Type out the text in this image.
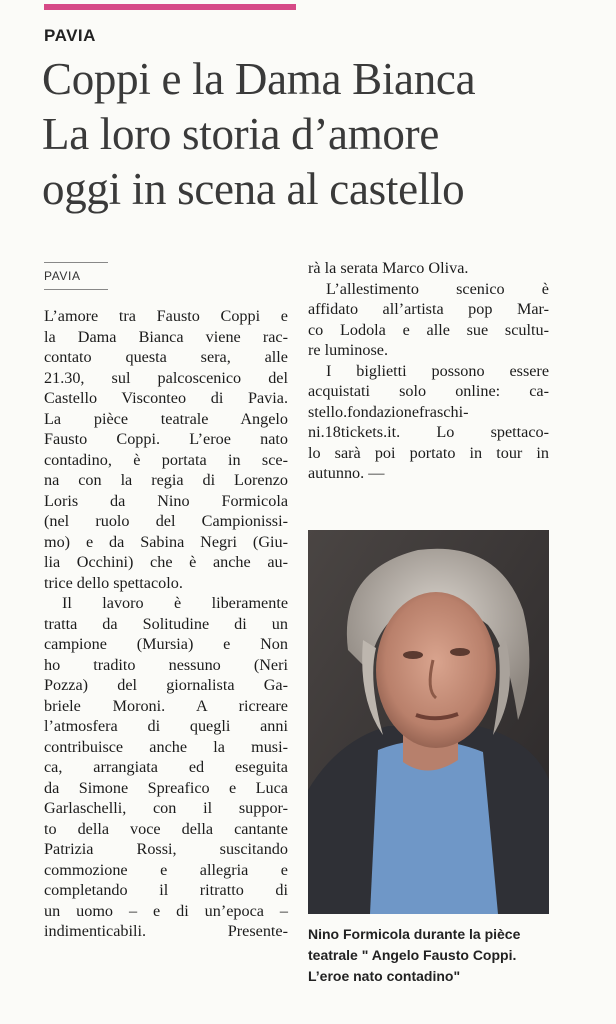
PAVIA
Coppi e la Dama Bianca
La loro storia d’amore
oggi in scena al castello
PAVIA
L’amore tra Fausto Coppi e
la Dama Bianca viene rac-
contato questa sera, alle
21.30, sul palcoscenico del
Castello Visconteo di Pavia.
La pièce teatrale Angelo
Fausto Coppi. L’eroe nato
contadino, è portata in sce-
na con la regia di Lorenzo
Loris da Nino Formicola
(nel ruolo del Campionissi-
mo) e da Sabina Negri (Giu-
lia Occhini) che è anche au-
trice dello spettacolo.
Il lavoro è liberamente
tratta da Solitudine di un
campione (Mursia) e Non
ho tradito nessuno (Neri
Pozza) del giornalista Ga-
briele Moroni. A ricreare
l’atmosfera di quegli anni
contribuisce anche la musi-
ca, arrangiata ed eseguita
da Simone Spreafico e Luca
Garlaschelli, con il suppor-
to della voce della cantante
Patrizia Rossi, suscitando
commozione e allegria e
completando il ritratto di
un uomo – e di un’epoca –
indimenticabili. Presente-
rà la serata Marco Oliva.
L’allestimento scenico è
affidato all’artista pop Mar-
co Lodola e alle sue scultu-
re luminose.
I biglietti possono essere
acquistati solo online: ca-
stello.fondazionefraschi-
ni.18tickets.it. Lo spettaco-
lo sarà poi portato in tour in
autunno. —
Nino Formicola durante la pièce
teatrale " Angelo Fausto Coppi.
L’eroe nato contadino"
